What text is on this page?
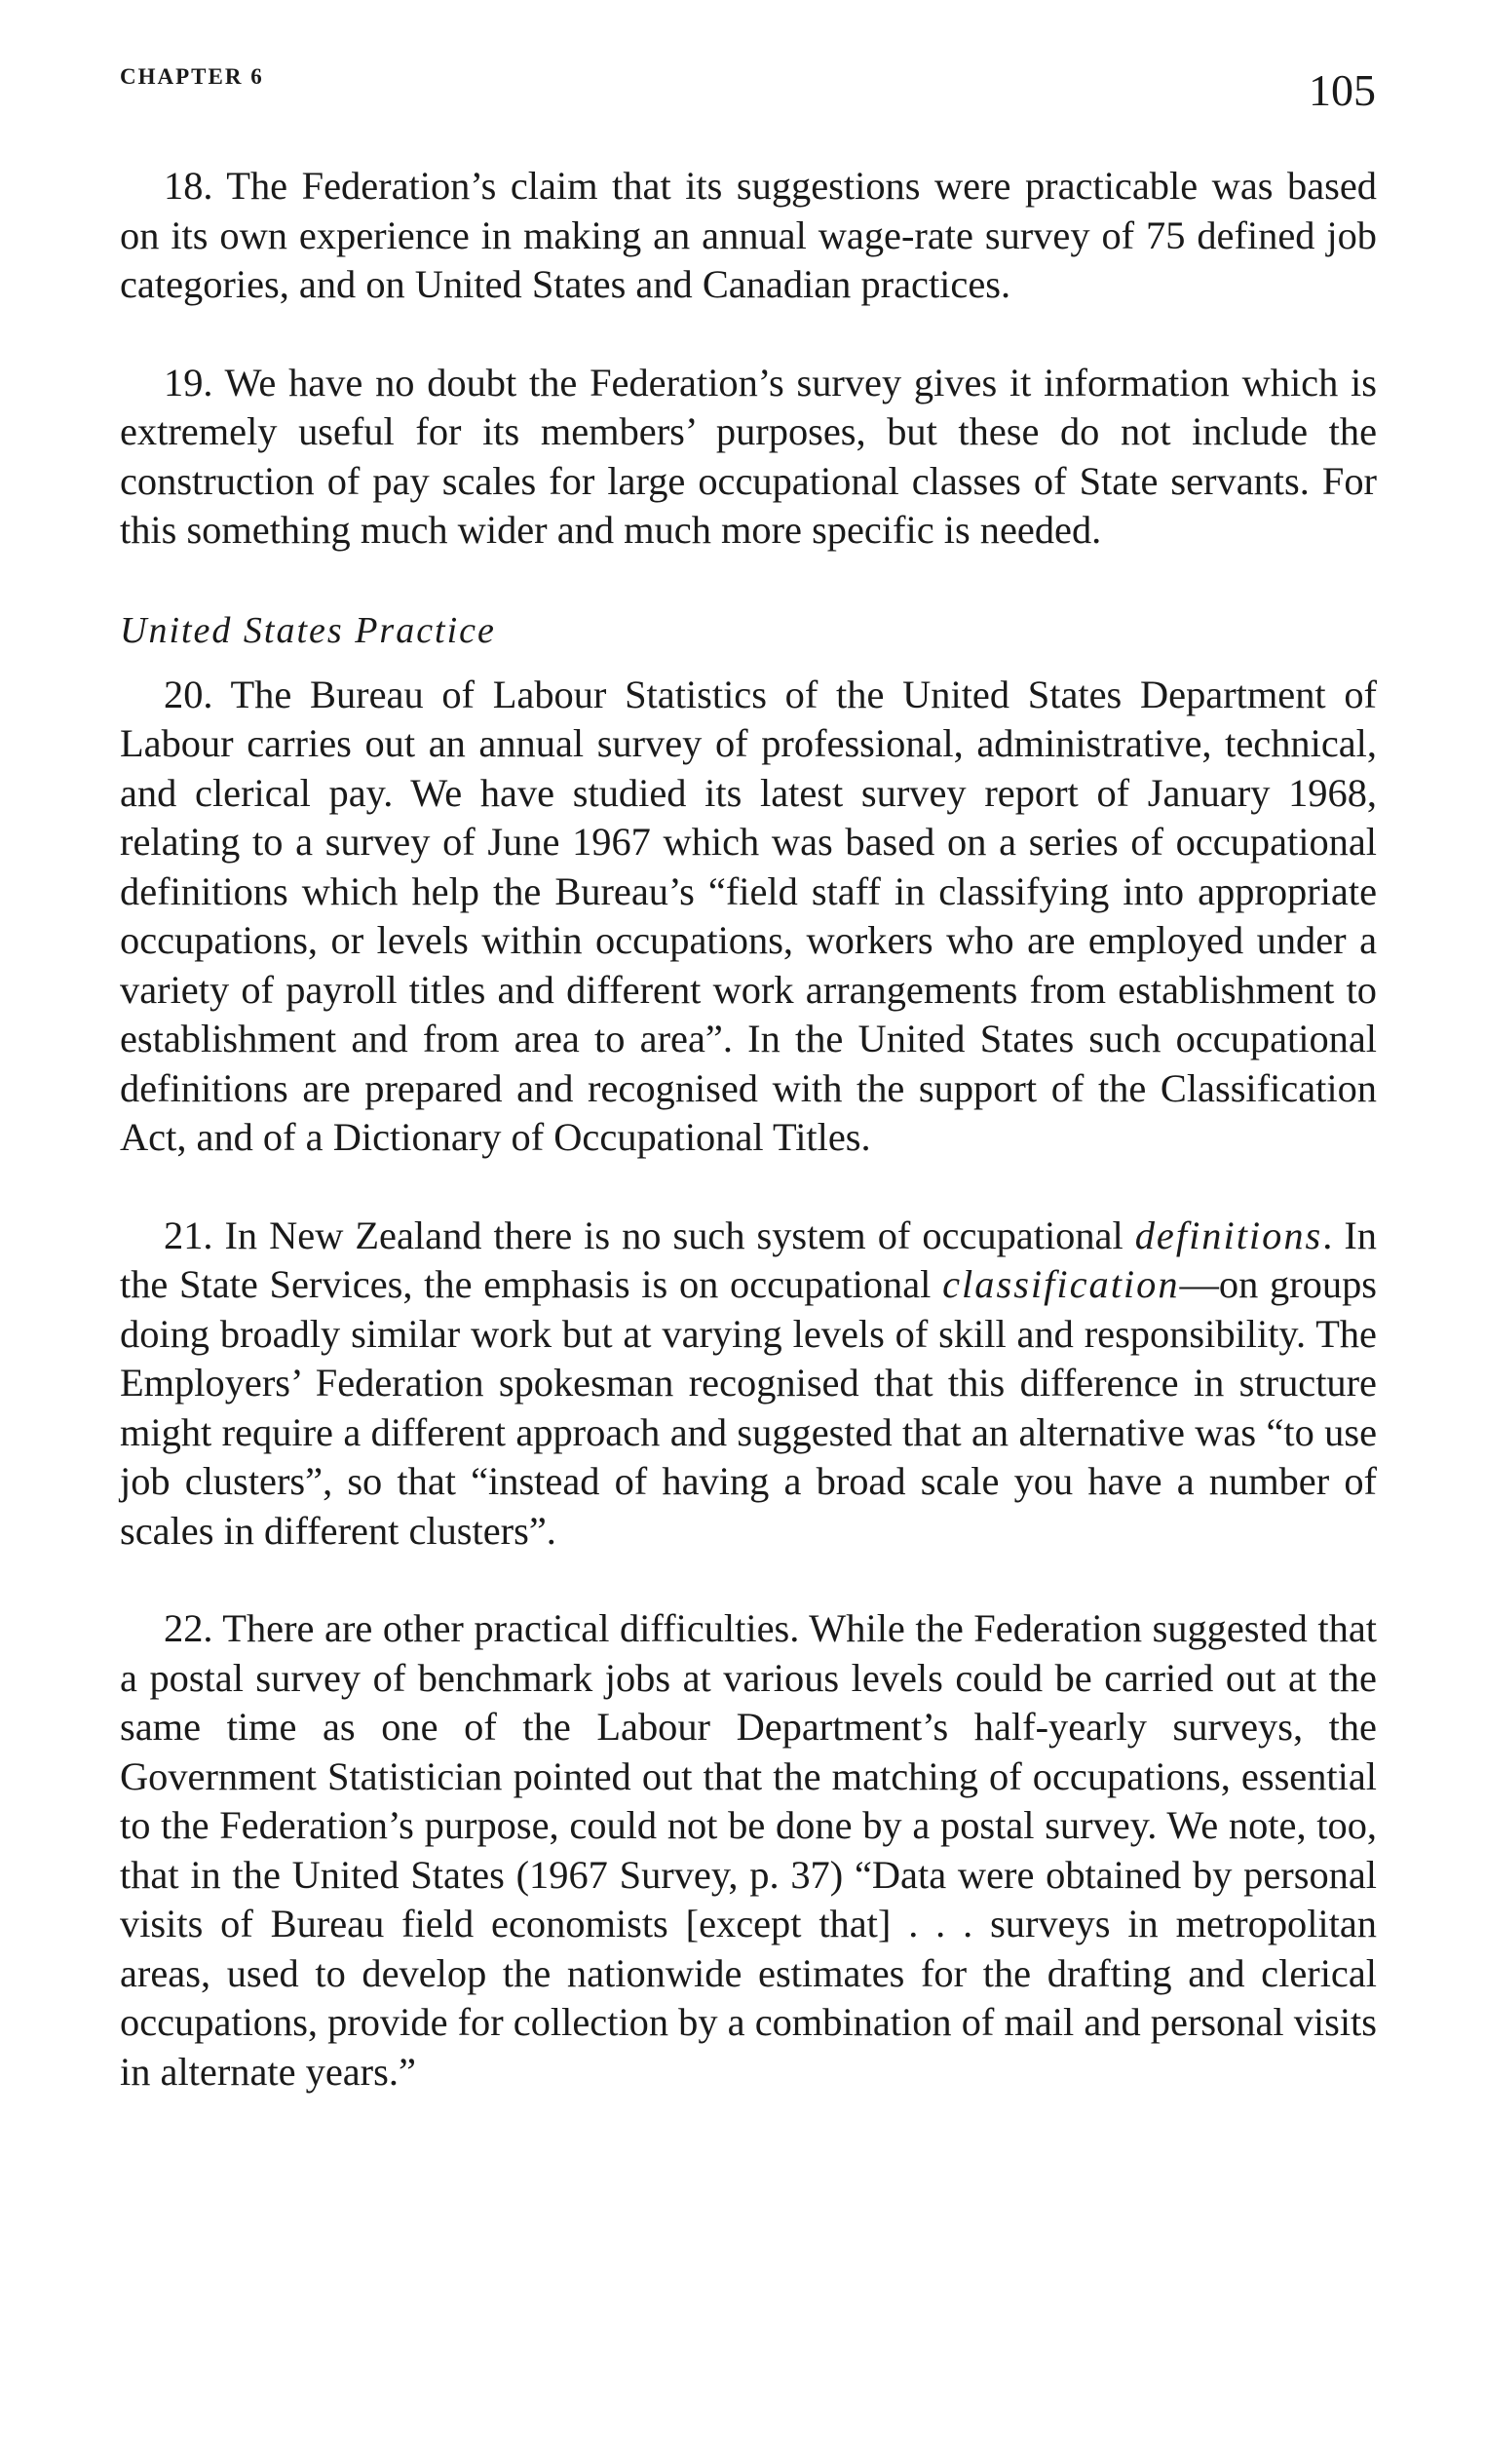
CHAPTER 6	105

18. The Federation’s claim that its suggestions were practicable was based on its own experience in making an annual wage-rate survey of 75 defined job categories, and on United States and Canadian practices.

19. We have no doubt the Federation’s survey gives it information which is extremely useful for its members’ purposes, but these do not include the construction of pay scales for large occupational classes of State servants. For this something much wider and much more specific is needed.

United States Practice

20. The Bureau of Labour Statistics of the United States Department of Labour carries out an annual survey of professional, administrative, technical, and clerical pay. We have studied its latest survey report of January 1968, relating to a survey of June 1967 which was based on a series of occupational definitions which help the Bureau’s “field staff in classifying into appropriate occupations, or levels within occupations, workers who are employed under a variety of payroll titles and different work arrangements from establishment to establishment and from area to area”. In the United States such occupational definitions are prepared and recognised with the support of the Classification Act, and of a Dictionary of Occupational Titles.

21. In New Zealand there is no such system of occupational definitions. In the State Services, the emphasis is on occupational classification—on groups doing broadly similar work but at varying levels of skill and responsibility. The Employers’ Federation spokesman recognised that this difference in structure might require a different approach and suggested that an alternative was “to use job clusters”, so that “instead of having a broad scale you have a number of scales in different clusters”.

22. There are other practical difficulties. While the Federation suggested that a postal survey of benchmark jobs at various levels could be carried out at the same time as one of the Labour Department’s half-yearly surveys, the Government Statistician pointed out that the matching of occupations, essential to the Federation’s purpose, could not be done by a postal survey. We note, too, that in the United States (1967 Survey, p. 37) “Data were obtained by personal visits of Bureau field economists [except that] . . . surveys in metropolitan areas, used to develop the nationwide estimates for the drafting and clerical occupations, provide for collection by a combination of mail and personal visits in alternate years.”
